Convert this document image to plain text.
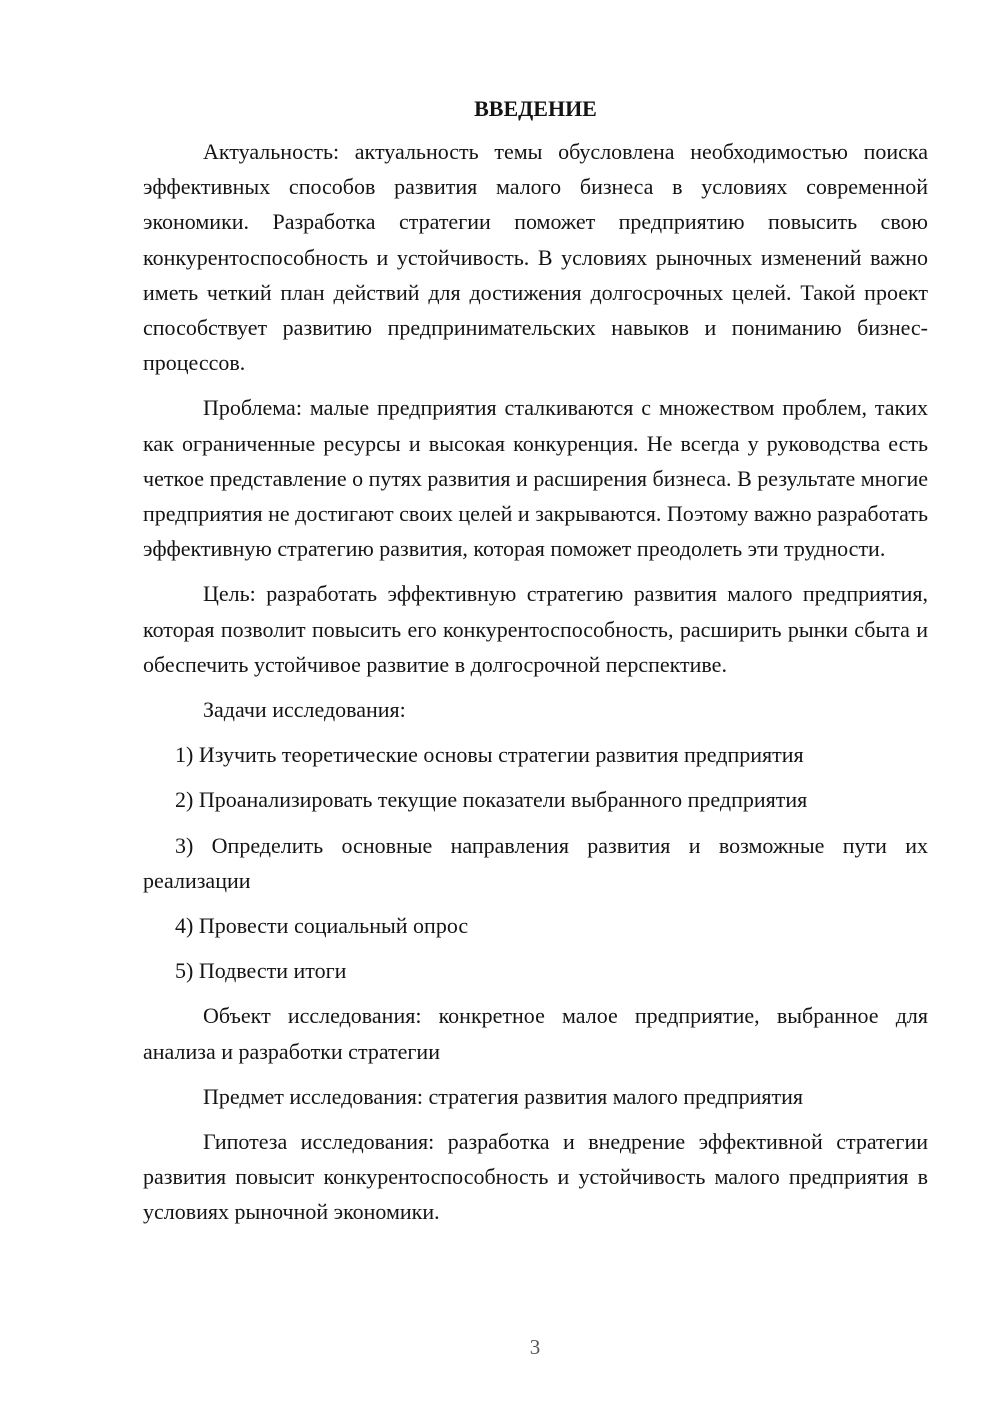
ВВЕДЕНИЕ

Актуальность: актуальность темы обусловлена необходимостью поиска эффективных способов развития малого бизнеса в условиях современной экономики. Разработка стратегии поможет предприятию повысить свою конкурентоспособность и устойчивость. В условиях рыночных изменений важно иметь четкий план действий для достижения долгосрочных целей. Такой проект способствует развитию предпринимательских навыков и пониманию бизнес-процессов.

Проблема: малые предприятия сталкиваются с множеством проблем, таких как ограниченные ресурсы и высокая конкуренция. Не всегда у руководства есть четкое представление о путях развития и расширения бизнеса. В результате многие предприятия не достигают своих целей и закрываются. Поэтому важно разработать эффективную стратегию развития, которая поможет преодолеть эти трудности.

Цель: разработать эффективную стратегию развития малого предприятия, которая позволит повысить его конкурентоспособность, расширить рынки сбыта и обеспечить устойчивое развитие в долгосрочной перспективе.

Задачи исследования:

1) Изучить теоретические основы стратегии развития предприятия

2) Проанализировать текущие показатели выбранного предприятия

3) Определить основные направления развития и возможные пути их реализации

4) Провести социальный опрос

5) Подвести итоги

Объект исследования: конкретное малое предприятие, выбранное для анализа и разработки стратегии

Предмет исследования: стратегия развития малого предприятия

Гипотеза исследования: разработка и внедрение эффективной стратегии развития повысит конкурентоспособность и устойчивость малого предприятия в условиях рыночной экономики.

3
